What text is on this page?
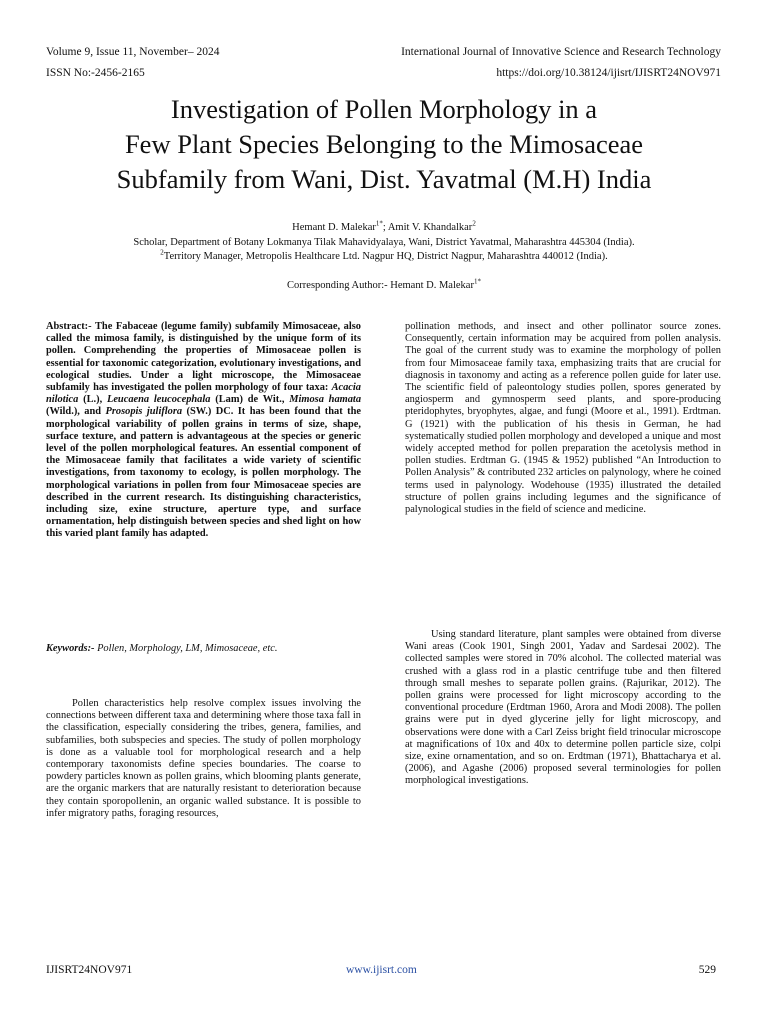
Volume 9, Issue 11, November– 2024	International Journal of Innovative Science and Research Technology
ISSN No:-2456-2165	https://doi.org/10.38124/ijisrt/IJISRT24NOV971
Investigation of Pollen Morphology in a
Few Plant Species Belonging to the Mimosaceae
Subfamily from Wani, Dist. Yavatmal (M.H) India
Hemant D. Malekar$^{1*}$; Amit V. Khandalkar$^2$
Scholar, Department of Botany Lokmanya Tilak Mahavidyalaya, Wani, District Yavatmal, Maharashtra 445304 (India).
$^2$Territory Manager, Metropolis Healthcare Ltd. Nagpur HQ, District Nagpur, Maharashtra 440012 (India).
Corresponding Author:- Hemant D. Malekar$^{1*}$

Abstract:- The Fabaceae (legume family) subfamily Mimosaceae, also called the mimosa family, is distinguished by the unique form of its pollen. Comprehending the properties of Mimosaceae pollen is essential for taxonomic categorization, evolutionary investigations, and ecological studies. Under a light microscope, the Mimosaceae subfamily has investigated the pollen morphology of four taxa: Acacia nilotica (L.), Leucaena leucocephala (Lam) de Wit., Mimosa hamata (Wild.), and Prosopis juliflora (SW.) DC. It has been found that the morphological variability of pollen grains in terms of size, shape, surface texture, and pattern is advantageous at the species or generic level of the pollen morphological features. An essential component of the Mimosaceae family that facilitates a wide variety of scientific investigations, from taxonomy to ecology, is pollen morphology. The morphological variations in pollen from four Mimosaceae species are described in the current research. Its distinguishing characteristics, including size, exine structure, aperture type, and surface ornamentation, help distinguish between species and shed light on how this varied plant family has adapted.

Keywords:- Pollen, Morphology, LM, Mimosaceae, etc.

Pollen characteristics help resolve complex issues involving the connections between different taxa and determining where those taxa fall in the classification, especially considering the tribes, genera, families, and subfamilies, both subspecies and species. The study of pollen morphology is done as a valuable tool for morphological research and a help contemporary taxonomists define species boundaries. The coarse to powdery particles known as pollen grains, which blooming plants generate, are the organic markers that are naturally resistant to deterioration because they contain sporopollenin, an organic walled substance. It is possible to infer migratory paths, foraging resources,

pollination methods, and insect and other pollinator source zones. Consequently, certain information may be acquired from pollen analysis. The goal of the current study was to examine the morphology of pollen from four Mimosaceae family taxa, emphasizing traits that are crucial for diagnosis in taxonomy and acting as a reference pollen guide for later use. The scientific field of paleontology studies pollen, spores generated by angiosperm and gymnosperm seed plants, and spore-producing pteridophytes, bryophytes, algae, and fungi (Moore et al., 1991). Erdtman. G (1921) with the publication of his thesis in German, he had systematically studied pollen morphology and developed a unique and most widely accepted method for pollen preparation the acetolysis method in pollen studies. Erdtman G. (1945 & 1952) published “An Introduction to Pollen Analysis” & contributed 232 articles on palynology, where he coined terms used in palynology. Wodehouse (1935) illustrated the detailed structure of pollen grains including legumes and the significance of palynological studies in the field of science and medicine.

Using standard literature, plant samples were obtained from diverse Wani areas (Cook 1901, Singh 2001, Yadav and Sardesai 2002). The collected samples were stored in 70% alcohol. The collected material was crushed with a glass rod in a plastic centrifuge tube and then filtered through small meshes to separate pollen grains. (Rajurikar, 2012). The pollen grains were processed for light microscopy according to the conventional procedure (Erdtman 1960, Arora and Modi 2008). The pollen grains were put in dyed glycerine jelly for light microscopy, and observations were done with a Carl Zeiss bright field trinocular microscope at magnifications of 10x and 40x to determine pollen particle size, colpi size, exine ornamentation, and so on. Erdtman (1971), Bhattacharya et al. (2006), and Agashe (2006) proposed several terminologies for pollen morphological investigations.

IJISRT24NOV971	www.ijisrt.com	529
